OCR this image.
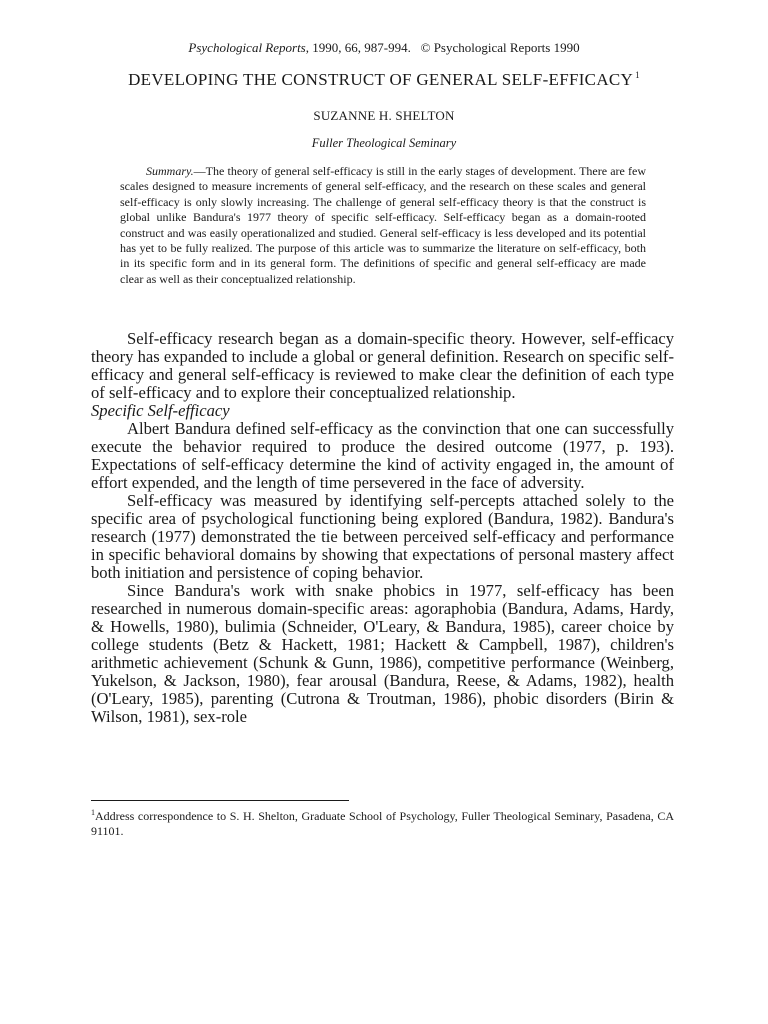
Psychological Reports, 1990, 66, 987-994.   © Psychological Reports 1990
DEVELOPING THE CONSTRUCT OF GENERAL SELF-EFFICACY $^1$
SUZANNE H. SHELTON
Fuller Theological Seminary
Summary.—The theory of general self-efficacy is still in the early stages of development. There are few scales designed to measure increments of general self-efficacy, and the research on these scales and general self-efficacy is only slowly increasing. The challenge of general self-efficacy theory is that the construct is global unlike Bandura's 1977 theory of specific self-efficacy. Self-efficacy began as a domain-rooted construct and was easily operationalized and studied. General self-efficacy is less developed and its potential has yet to be fully realized. The purpose of this article was to summarize the literature on self-efficacy, both in its specific form and in its general form. The definitions of specific and general self-efficacy are made clear as well as their conceptualized relationship.

Self-efficacy research began as a domain-specific theory. However, self-efficacy theory has expanded to include a global or general definition. Research on specific self-efficacy and general self-efficacy is reviewed to make clear the definition of each type of self-efficacy and to explore their conceptualized relationship.

Specific Self-efficacy

Albert Bandura defined self-efficacy as the convinction that one can successfully execute the behavior required to produce the desired outcome (1977, p. 193). Expectations of self-efficacy determine the kind of activity engaged in, the amount of effort expended, and the length of time persevered in the face of adversity.

Self-efficacy was measured by identifying self-percepts attached solely to the specific area of psychological functioning being explored (Bandura, 1982). Bandura's research (1977) demonstrated the tie between perceived self-efficacy and performance in specific behavioral domains by showing that expectations of personal mastery affect both initiation and persistence of coping behavior.

Since Bandura's work with snake phobics in 1977, self-efficacy has been researched in numerous domain-specific areas: agoraphobia (Bandura, Adams, Hardy, & Howells, 1980), bulimia (Schneider, O'Leary, & Bandura, 1985), career choice by college students (Betz & Hackett, 1981; Hackett & Campbell, 1987), children's arithmetic achievement (Schunk & Gunn, 1986), competitive performance (Weinberg, Yukelson, & Jackson, 1980), fear arousal (Bandura, Reese, & Adams, 1982), health (O'Leary, 1985), parenting (Cutrona & Troutman, 1986), phobic disorders (Birin & Wilson, 1981), sex-role

$^1$Address correspondence to S. H. Shelton, Graduate School of Psychology, Fuller Theological Seminary, Pasadena, CA 91101.
